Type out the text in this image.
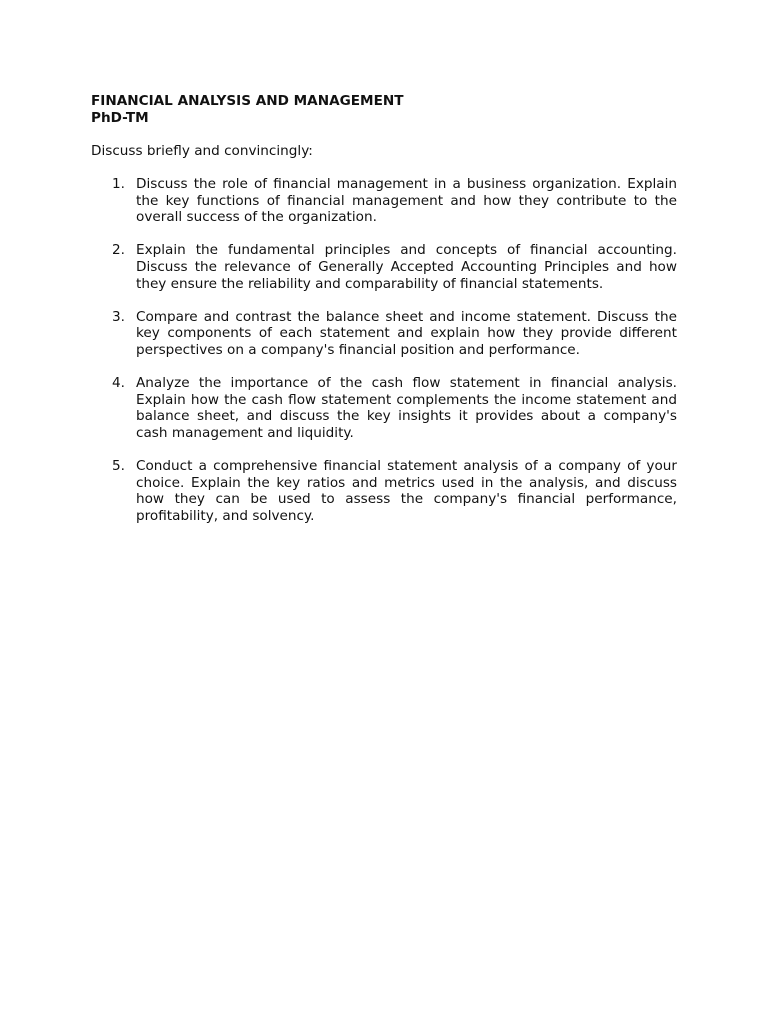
FINANCIAL ANALYSIS AND MANAGEMENT

PhD-TM

Discuss briefly and convincingly:

1. Discuss the role of financial management in a business organization. Explain the key functions of financial management and how they contribute to the overall success of the organization.
2. Explain the fundamental principles and concepts of financial accounting. Discuss the relevance of Generally Accepted Accounting Principles and how they ensure the reliability and comparability of financial statements.
3. Compare and contrast the balance sheet and income statement. Discuss the key components of each statement and explain how they provide different perspectives on a company's financial position and performance.
4. Analyze the importance of the cash flow statement in financial analysis. Explain how the cash flow statement complements the income statement and balance sheet, and discuss the key insights it provides about a company's cash management and liquidity.
5. Conduct a comprehensive financial statement analysis of a company of your choice. Explain the key ratios and metrics used in the analysis, and discuss how they can be used to assess the company's financial performance, profitability, and solvency.
